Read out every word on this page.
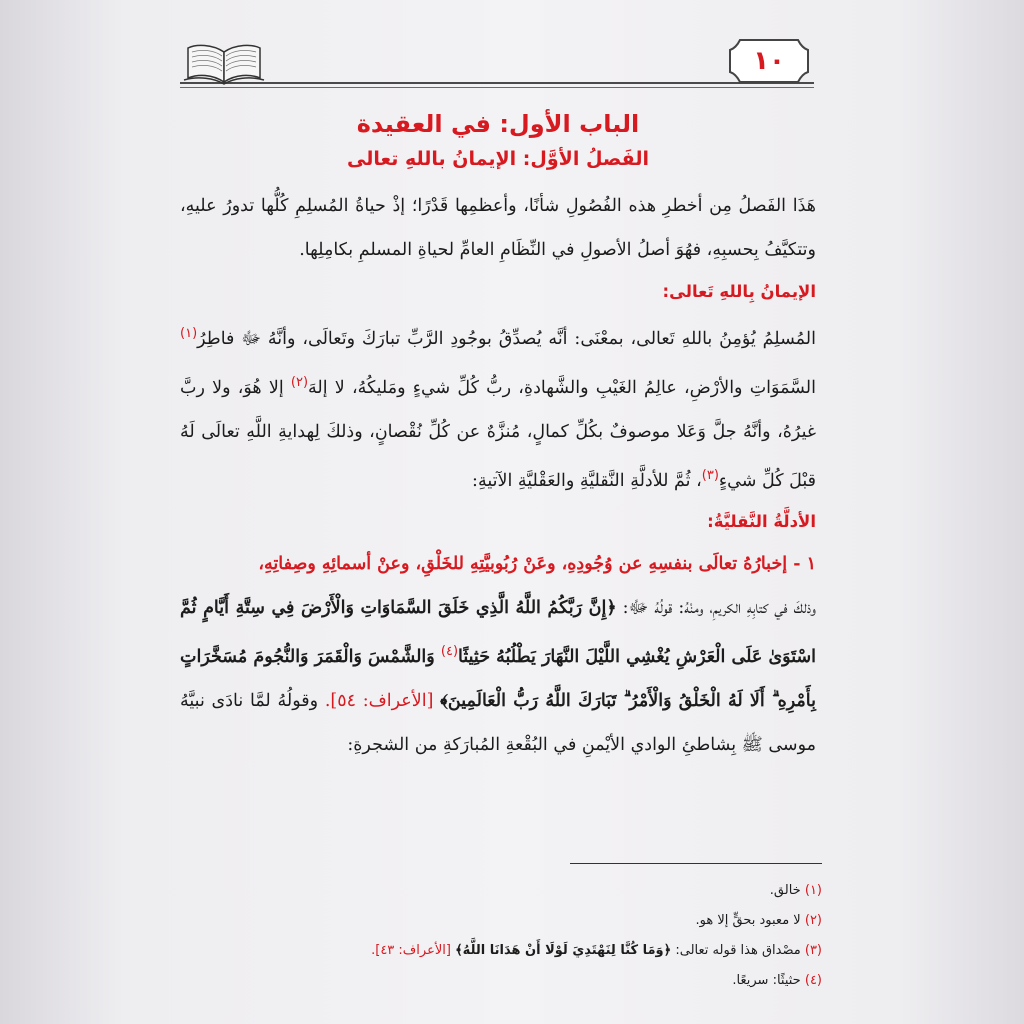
١٠
الباب الأول: في العقيدة
الفَصلُ الأوَّل: الإيمانُ باللهِ تعالى

هَذَا الفَصلُ مِن أخطرِ هذه الفُصُولِ شأنًا، وأعظمِها قَدْرًا؛ إذْ حياةُ المُسلِمِ كُلُّها تدورُ عليهِ، وتتكيَّفُ بِحسبِهِ، فهُوَ أصلُ الأصولِ في النِّظَامِ العامِّ لحياةِ المسلمِ بكامِلِها.

الإيمانُ بِاللهِ تَعالى:

المُسلِمُ يُؤمِنُ باللهِ تَعالى، بمعْنَى: أنَّه يُصدِّقُ بوجُودِ الرَّبِّ تبارَكَ وتَعالَى، وأنَّهُ ﷻ فاطِرُ$^{(١)}$ السَّمَوَاتِ والأرْضِ، عالِمُ الغَيْبِ والشَّهادةِ، ربُّ كُلِّ شيءٍ ومَليكُهُ، لا إلهَ$^{(٢)}$ إلا هُوَ، ولا ربَّ غيرُهُ، وأنَّهُ جلَّ وَعَلا موصوفٌ بكُلِّ كمالٍ، مُنزَّهٌ عن كُلِّ نُقْصانٍ، وذلكَ لِهدايةِ اللَّهِ تعالَى لَهُ قبْلَ كُلِّ شيءٍ$^{(٣)}$، ثُمَّ للأدلَّةِ النَّقليَّةِ والعَقْليَّةِ الآتيةِ:

الأدلَّةُ النَّقليَّةُ:

١ - إخبارُهُ تعالَى بنفسِهِ عن وُجُودِهِ، وعَنْ رُبُوبيَّتِهِ للخَلْقِ، وعنْ أسمائِهِ وصِفاتِهِ،

وذلكَ في كتابِهِ الكريمِ، ومنْهُ: قولُهُ ﷻ: ﴿إِنَّ رَبَّكُمُ اللَّهُ الَّذِي خَلَقَ السَّمَاوَاتِ وَالْأَرْضَ فِي سِتَّةِ أَيَّامٍ ثُمَّ اسْتَوَىٰ عَلَى الْعَرْشِ يُغْشِي اللَّيْلَ النَّهَارَ يَطْلُبُهُ حَثِيثًا$^{(٤)}$ وَالشَّمْسَ وَالْقَمَرَ وَالنُّجُومَ مُسَخَّرَاتٍ بِأَمْرِهِ ۗ أَلَا لَهُ الْخَلْقُ وَالْأَمْرُ ۗ تَبَارَكَ اللَّهُ رَبُّ الْعَالَمِينَ﴾ [الأعراف: ٥٤]. وقولُهُ لمَّا نادَى نبيَّهُ موسى ﷺ بِشاطئِ الوادي الأيْمنِ في البُقْعةِ المُبارَكةِ من الشجرةِ:

(١) خالق.

(٢) لا معبود بحقٍّ إلا هو.

(٣) مصْداق هذا قوله تعالى: ﴿وَمَا كُنَّا لِنَهْتَدِيَ لَوْلَا أَنْ هَدَانَا اللَّهُ﴾ [الأعراف: ٤٣].

(٤) حثيثًا: سريعًا.
